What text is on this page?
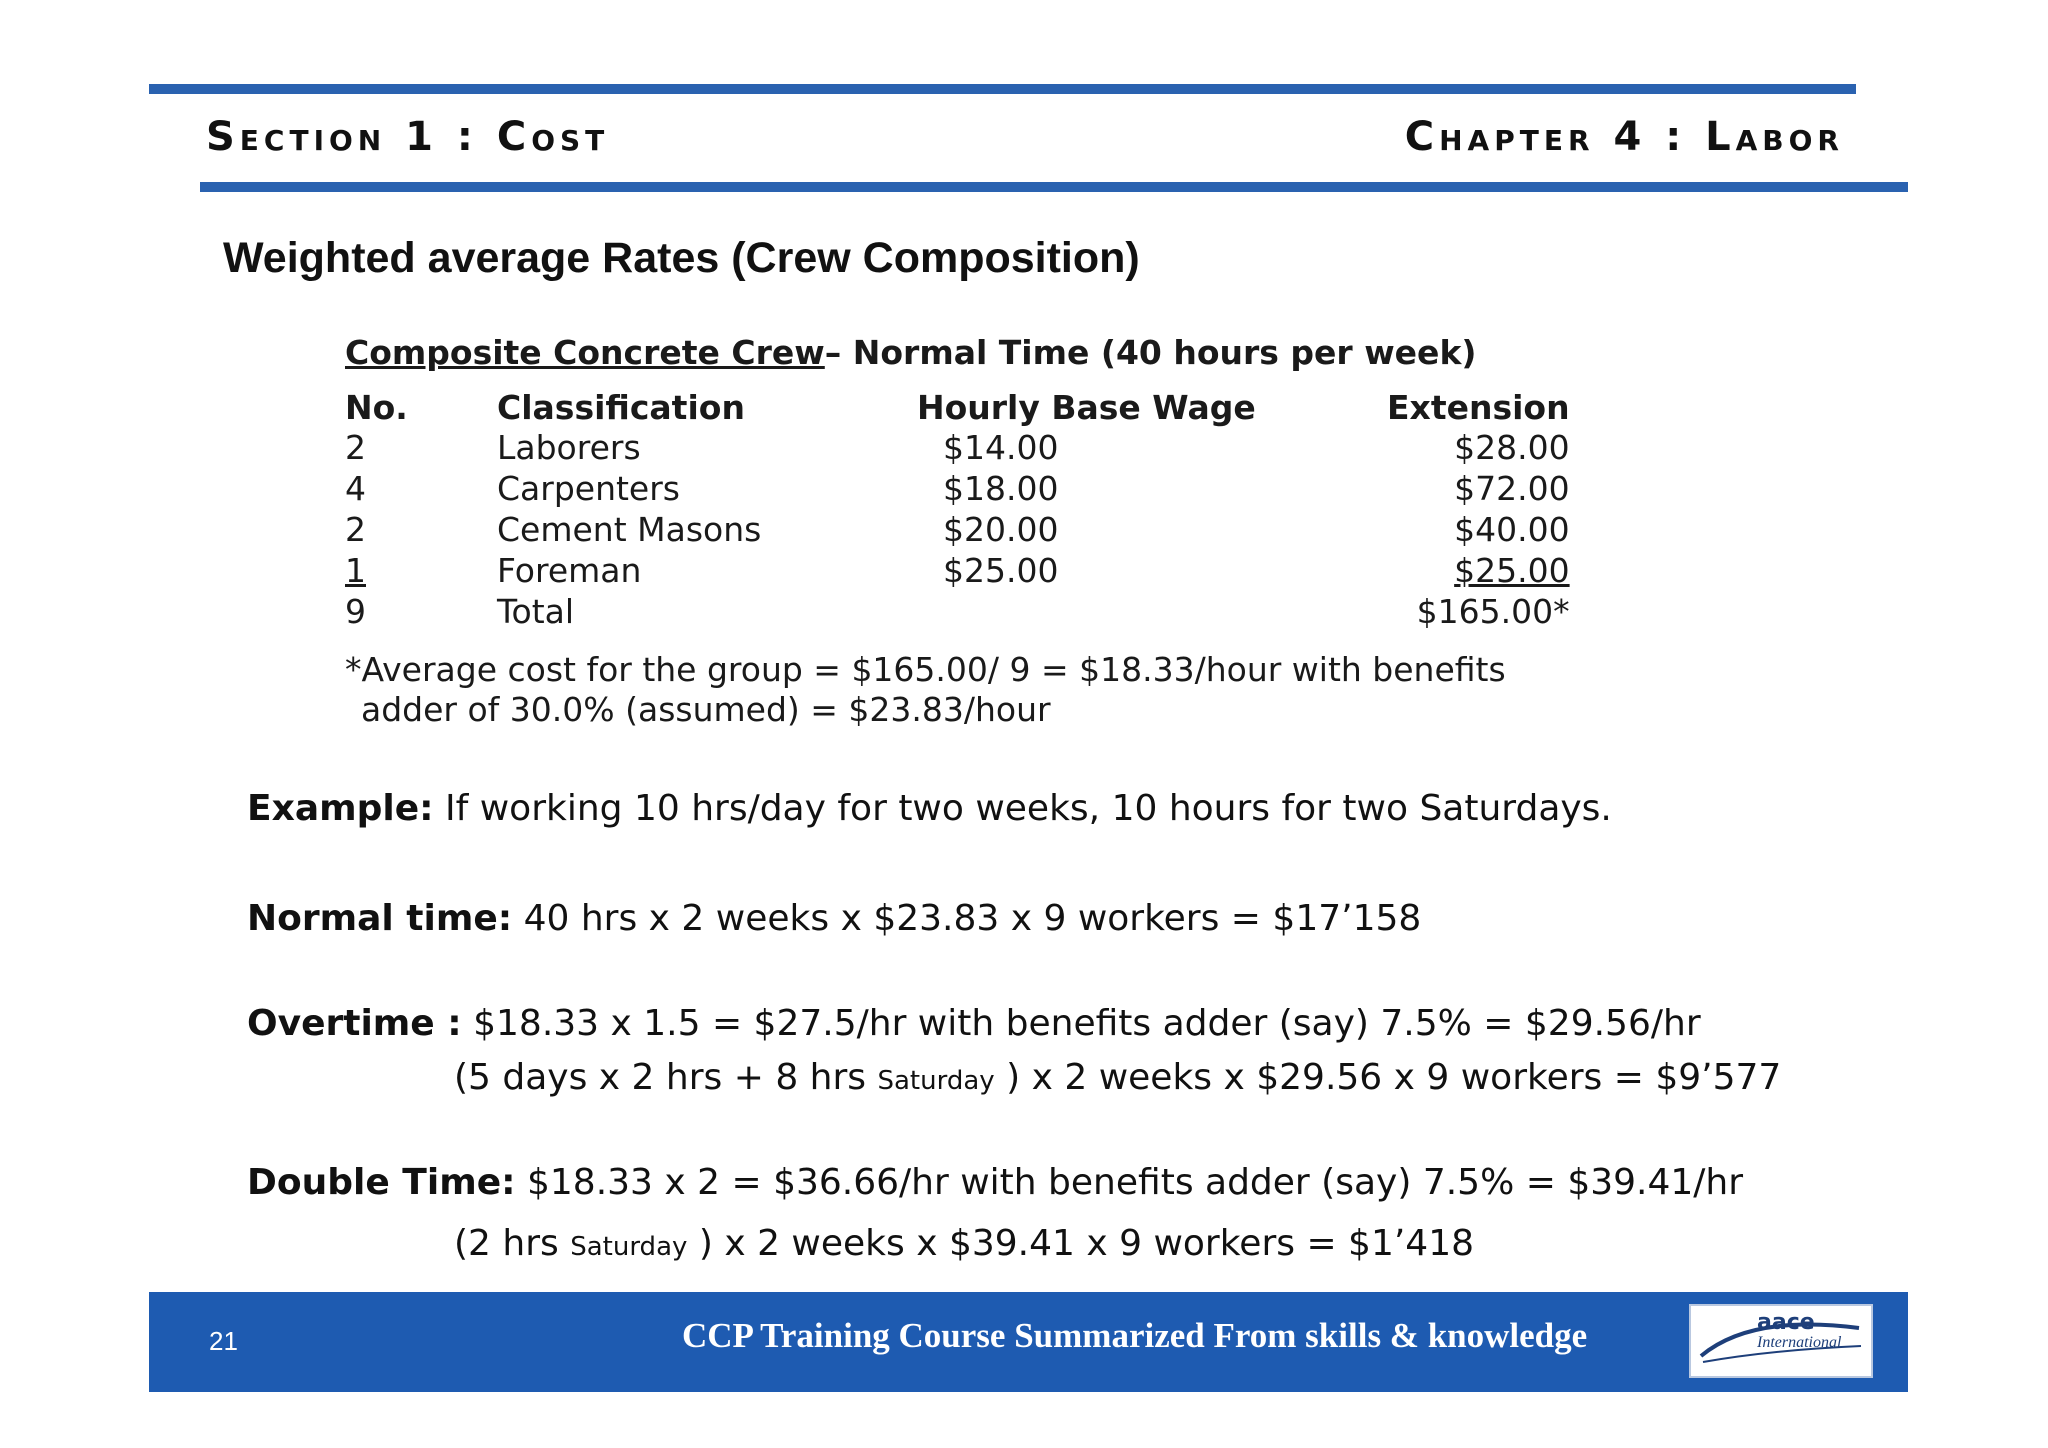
Section 1 : Cost	Chapter 4 : Labor
Weighted average Rates (Crew Composition)
Composite Concrete Crew– Normal Time (40 hours per week)
No.	Classification	Hourly Base Wage	Extension
2	Laborers	$14.00	$28.00
4	Carpenters	$18.00	$72.00
2	Cement Masons	$20.00	$40.00
1	Foreman	$25.00	$25.00
9	Total		$165.00*
*Average cost for the group = $165.00/ 9 = $18.33/hour with benefits
adder of 30.0% (assumed) = $23.83/hour
Example: If working 10 hrs/day for two weeks, 10 hours for two Saturdays.
Normal time: 40 hrs x 2 weeks x $23.83 x 9 workers = $17’158
Overtime : $18.33 x 1.5 = $27.5/hr with benefits adder (say) 7.5% = $29.56/hr
(5 days x 2 hrs + 8 hrs Saturday ) x 2 weeks x $29.56 x 9 workers = $9’577
Double Time: $18.33 x 2 = $36.66/hr with benefits adder (say) 7.5% = $39.41/hr
(2 hrs Saturday ) x 2 weeks x $39.41 x 9 workers = $1’418
21	CCP Training Course Summarized From skills & knowledge	aace
International
